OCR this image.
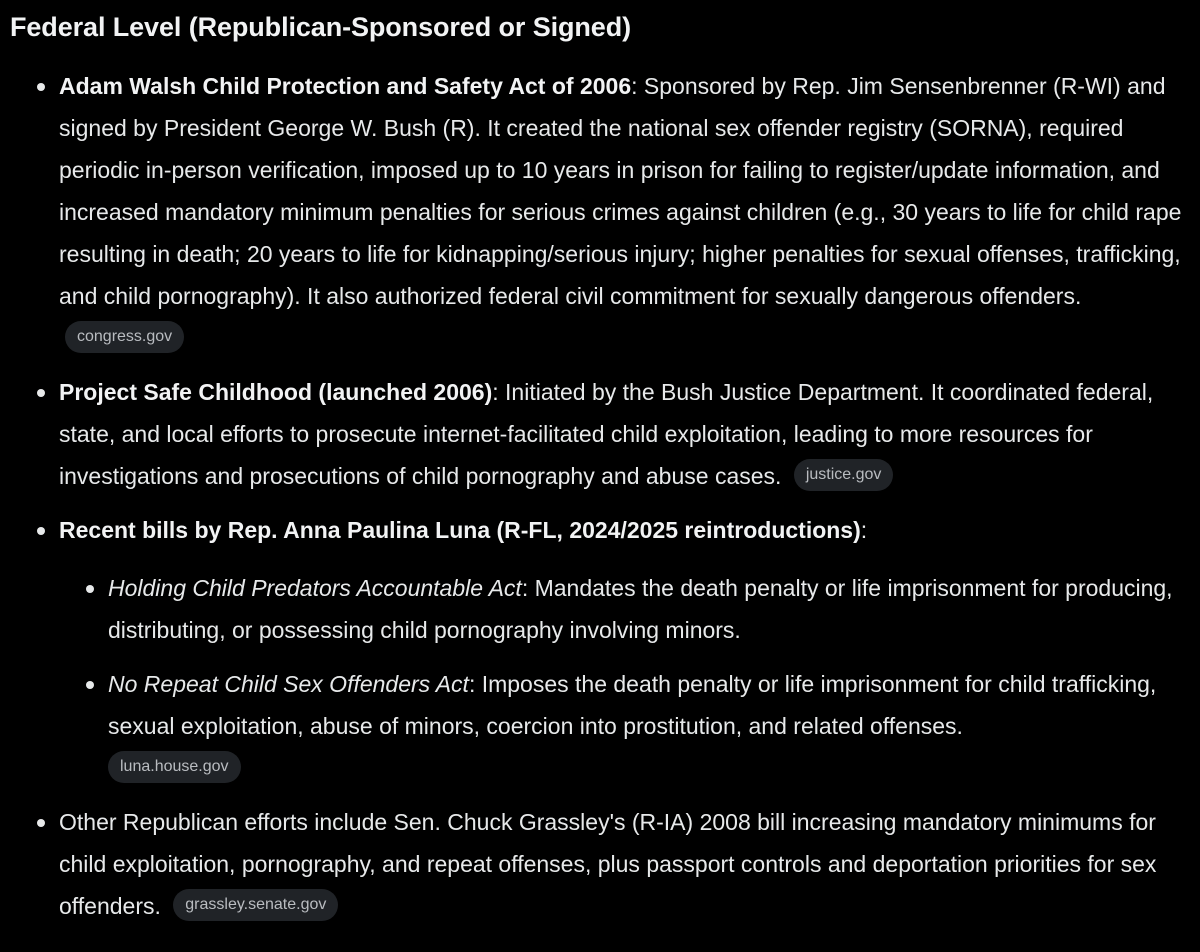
Federal Level (Republican-Sponsored or Signed)
Adam Walsh Child Protection and Safety Act of 2006: Sponsored by Rep. Jim Sensenbrenner (R-WI) and signed by President George W. Bush (R). It created the national sex offender registry (SORNA), required periodic in-person verification, imposed up to 10 years in prison for failing to register/update information, and increased mandatory minimum penalties for serious crimes against children (e.g., 30 years to life for child rape resulting in death; 20 years to life for kidnapping/serious injury; higher penalties for sexual offenses, trafficking, and child pornography). It also authorized federal civil commitment for sexually dangerous offenders. congress.gov
Project Safe Childhood (launched 2006): Initiated by the Bush Justice Department. It coordinated federal, state, and local efforts to prosecute internet-facilitated child exploitation, leading to more resources for investigations and prosecutions of child pornography and abuse cases. justice.gov
Recent bills by Rep. Anna Paulina Luna (R-FL, 2024/2025 reintroductions):
Holding Child Predators Accountable Act: Mandates the death penalty or life imprisonment for producing, distributing, or possessing child pornography involving minors.
No Repeat Child Sex Offenders Act: Imposes the death penalty or life imprisonment for child trafficking, sexual exploitation, abuse of minors, coercion into prostitution, and related offenses.
luna.house.gov
Other Republican efforts include Sen. Chuck Grassley's (R-IA) 2008 bill increasing mandatory minimums for child exploitation, pornography, and repeat offenses, plus passport controls and deportation priorities for sex offenders. grassley.senate.gov
